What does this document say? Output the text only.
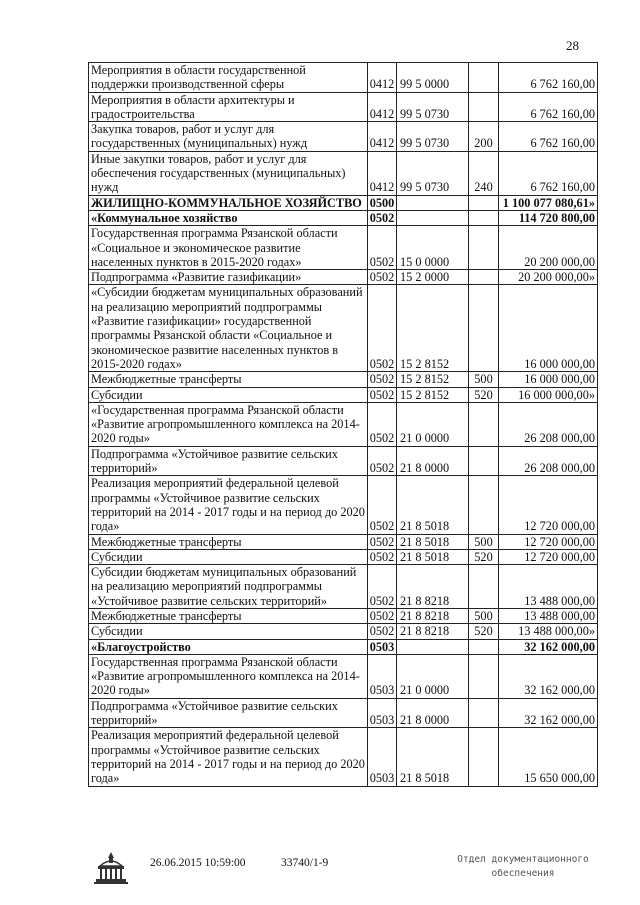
28
Мероприятия в области государственной поддержки производственной сферы	0412	99 5 0000		6 762 160,00
Мероприятия в области архитектуры и градостроительства	0412	99 5 0730		6 762 160,00
Закупка товаров, работ и услуг для государственных (муниципальных) нужд	0412	99 5 0730	200	6 762 160,00
Иные закупки товаров, работ и услуг для обеспечения государственных (муниципальных) нужд	0412	99 5 0730	240	6 762 160,00
ЖИЛИЩНО-КОММУНАЛЬНОЕ ХОЗЯЙСТВО	0500			1 100 077 080,61»
«Коммунальное хозяйство	0502			114 720 800,00
Государственная программа Рязанской области «Социальное и экономическое развитие населенных пунктов в 2015-2020 годах»	0502	15 0 0000		20 200 000,00
Подпрограмма «Развитие газификации»	0502	15 2 0000		20 200 000,00»
«Субсидии бюджетам муниципальных образований на реализацию мероприятий подпрограммы «Развитие газификации» государственной программы Рязанской области «Социальное и экономическое развитие населенных пунктов в 2015-2020 годах»	0502	15 2 8152		16 000 000,00
Межбюджетные трансферты	0502	15 2 8152	500	16 000 000,00
Субсидии	0502	15 2 8152	520	16 000 000,00»
«Государственная программа Рязанской области «Развитие агропромышленного комплекса на 2014-2020 годы»	0502	21 0 0000		26 208 000,00
Подпрограмма «Устойчивое развитие сельских территорий»	0502	21 8 0000		26 208 000,00
Реализация мероприятий федеральной целевой программы «Устойчивое развитие сельских территорий на 2014 - 2017 годы и на период до 2020 года»	0502	21 8 5018		12 720 000,00
Межбюджетные трансферты	0502	21 8 5018	500	12 720 000,00
Субсидии	0502	21 8 5018	520	12 720 000,00
Субсидии бюджетам муниципальных образований на реализацию мероприятий подпрограммы «Устойчивое развитие сельских территорий»	0502	21 8 8218		13 488 000,00
Межбюджетные трансферты	0502	21 8 8218	500	13 488 000,00
Субсидии	0502	21 8 8218	520	13 488 000,00»
«Благоустройство	0503			32 162 000,00
Государственная программа Рязанской области «Развитие агропромышленного комплекса на 2014-2020 годы»	0503	21 0 0000		32 162 000,00
Подпрограмма «Устойчивое развитие сельских территорий»	0503	21 8 0000		32 162 000,00
Реализация мероприятий федеральной целевой программы «Устойчивое развитие сельских территорий на 2014 - 2017 годы и на период до 2020 года»	0503	21 8 5018		15 650 000,00
26.06.2015 10:59:00	33740/1-9	Отдел документационного
обеспечения
